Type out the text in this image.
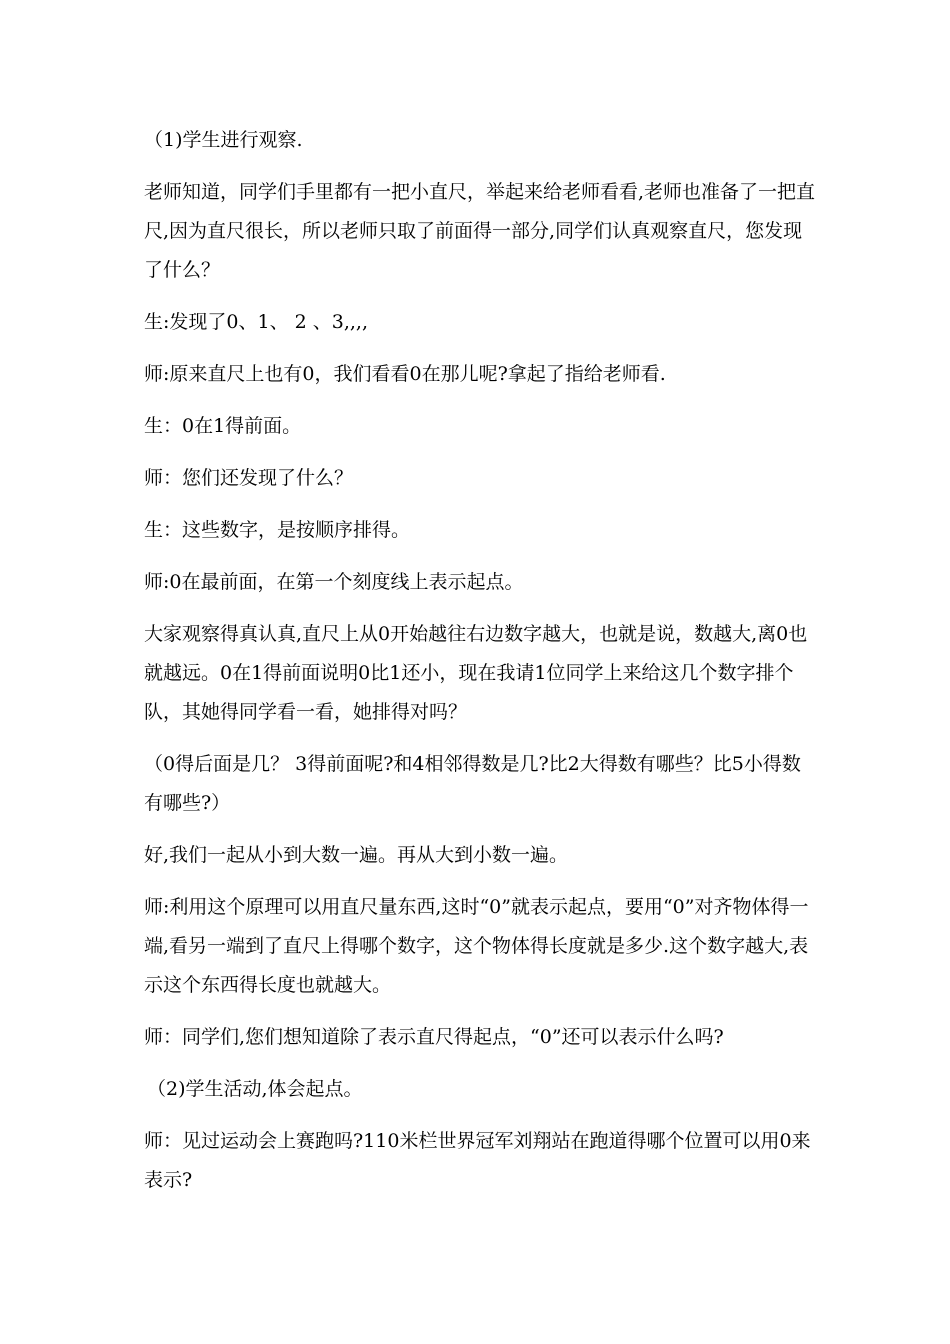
（1)学生进行观察.

老师知道，同学们手里都有一把小直尺，举起来给老师看看,老师也准备了一把直尺,因为直尺很长，所以老师只取了前面得一部分,同学们认真观察直尺，您发现了什么？

生:发现了0、1、 2 、3,,,,

师:原来直尺上也有0，我们看看0在那儿呢?拿起了指给老师看.

生：0在1得前面。

师：您们还发现了什么？

生：这些数字，是按顺序排得。

师:0在最前面，在第一个刻度线上表示起点。

大家观察得真认真,直尺上从0开始越往右边数字越大，也就是说，数越大,离0也就越远。0在1得前面说明0比1还小，现在我请1位同学上来给这几个数字排个队，其她得同学看一看，她排得对吗？

（0得后面是几？ 3得前面呢?和4相邻得数是几?比2大得数有哪些？比5小得数有哪些?）

好,我们一起从小到大数一遍。再从大到小数一遍。

师:利用这个原理可以用直尺量东西,这时“0”就表示起点，要用“0”对齐物体得一端,看另一端到了直尺上得哪个数字，这个物体得长度就是多少.这个数字越大,表示这个东西得长度也就越大。

师：同学们,您们想知道除了表示直尺得起点，“0”还可以表示什么吗?

（2)学生活动,体会起点。

师：见过运动会上赛跑吗?110米栏世界冠军刘翔站在跑道得哪个位置可以用0来表示?
